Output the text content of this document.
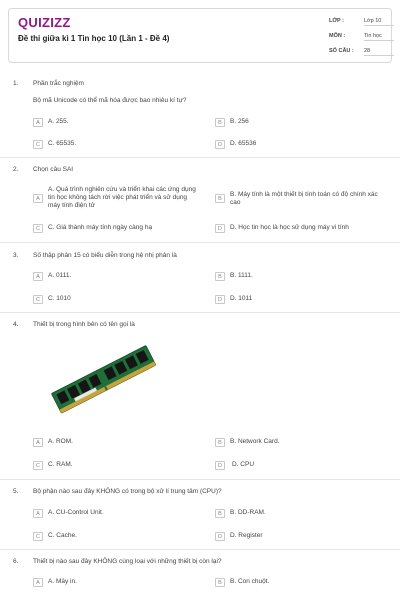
QUIZIZZ
Đề thi giữa kì 1 Tin học 10 (Lần 1 - Đề 4)
LỚP :	Lớp 10
MÔN :	Tin học
SỐ CÂU : 28
1. Phần trắc nghiệm
Bộ mã Unicode có thể mã hóa được bao nhiêu kí tự?
A	A. 255.	B	B. 256
C	C. 65535.	D	D. 65536
2. Chọn câu SAI
A
A. Quá trình nghiên cứu và triển khai các ứng dụng tin học không tách rời việc phát triển và sử dụng máy tính điện tử
B
B. Máy tính là một thiết bị tính toán có độ chính xác cao
C	C. Giá thành máy tính ngày càng hạ	D	D. Học tin học là học sử dụng máy vi tính
3. Số thập phân 15 có biểu diễn trong hệ nhị phân là
A	A. 0111.	B	B. 1111.
C	C. 1010	D	D. 1011
4. Thiết bị trong hình bên có tên gọi là
A	A. ROM.	B	B. Network Card.
C	C. RAM.	D	D. CPU
5. Bộ phận nào sau đây KHÔNG có trong bộ xử lí trung tâm (CPU)?
A	A. CU-Control Unit.	B	B. DD-RAM.
C	C. Cache.	D	D. Register
6. Thiết bị nào sau đây KHÔNG cùng loại với những thiết bị còn lại?
A	A. Máy in.	B	B. Con chuột.
